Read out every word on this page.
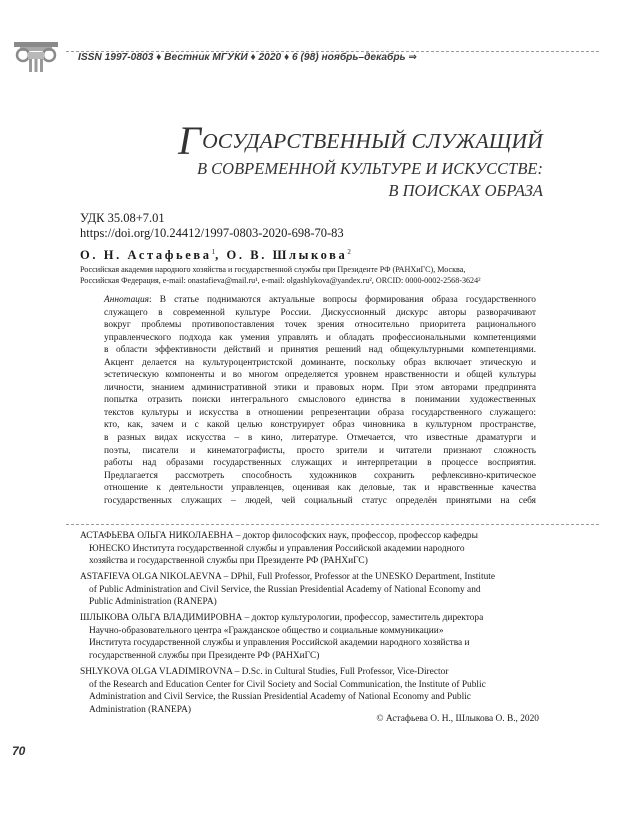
ISSN 1997-0803 ♦ Вестник МГУКИ ♦ 2020 ♦ 6 (98) ноябрь–декабрь ⇒
ГОСУДАРСТВЕННЫЙ СЛУЖАЩИЙ
В СОВРЕМЕННОЙ КУЛЬТУРЕ И ИСКУССТВЕ:
В ПОИСКАХ ОБРАЗА
УДК 35.08+7.01
https://doi.org/10.24412/1997-0803-2020-698-70-83
О. Н. Астафьева$^1$, О. В. Шлыкова$^2$
Российская академия народного хозяйства и государственной службы при Президенте РФ (РАНХиГС), Москва,
Российская Федерация, e-mail: onastafieva@mail.ru¹, e-mail: olgashlykova@yandex.ru², ORCID: 0000-0002-2568-3624²
Аннотация: В статье поднимаются актуальные вопросы формирования образа государственного
служащего в современной культуре России. Дискуссионный дискурс авторы разворачивают
вокруг проблемы противопоставления точек зрения относительно приоритета рационального
управленческого подхода как умения управлять и обладать профессиональными компетенциями
в области эффективности действий и принятия решений над общекультурными компетенциями.
Акцент делается на культуроцентристской доминанте, поскольку образ включает этическую и
эстетическую компоненты и во многом определяется уровнем нравственности и общей культуры
личности, знанием административной этики и правовых норм. При этом авторами предпринята
попытка отразить поиски интегрального смыслового единства в понимании художественных
текстов культуры и искусства в отношении репрезентации образа государственного служащего:
кто, как, зачем и с какой целью конструирует образ чиновника в культурном пространстве,
в разных видах искусства – в кино, литературе. Отмечается, что известные драматурги и
поэты, писатели и кинематографисты, просто зрители и читатели признают сложность
работы над образами государственных служащих и интерпретации в процессе восприятия.
Предлагается рассмотреть способность художников сохранить рефлексивно-критическое
отношение к деятельности управленцев, оценивая как деловые, так и нравственные качества
государственных служащих – людей, чей социальный статус определён принятыми на себя
АСТАФЬЕВА ОЛЬГА НИКОЛАЕВНА – доктор философских наук, профессор, профессор кафедры
ЮНЕСКО Института государственной службы и управления Российской академии народного
хозяйства и государственной службы при Президенте РФ (РАНХиГС)
ASTAFIEVA OLGA NIKOLAEVNA – DPhil, Full Professor, Professor at the UNESKO Department, Institute
of Public Administration and Civil Service, the Russian Presidential Academy of National Economy and
Public Administration (RANEPA)
ШЛЫКОВА ОЛЬГА ВЛАДИМИРОВНА – доктор культурологии, профессор, заместитель директора
Научно-образовательного центра «Гражданское общество и социальные коммуникации»
Института государственной службы и управления Российской академии народного хозяйства и
государственной службы при Президенте РФ (РАНХиГС)
SHLYKOVA OLGA VLADIMIROVNA – D.Sc. in Cultural Studies, Full Professor, Vice-Director
of the Research and Education Center for Civil Society and Social Communication, the Institute of Public
Administration and Civil Service, the Russian Presidential Academy of National Economy and Public
Administration (RANEPA)
© Астафьева О. Н., Шлыкова О. В., 2020
70
